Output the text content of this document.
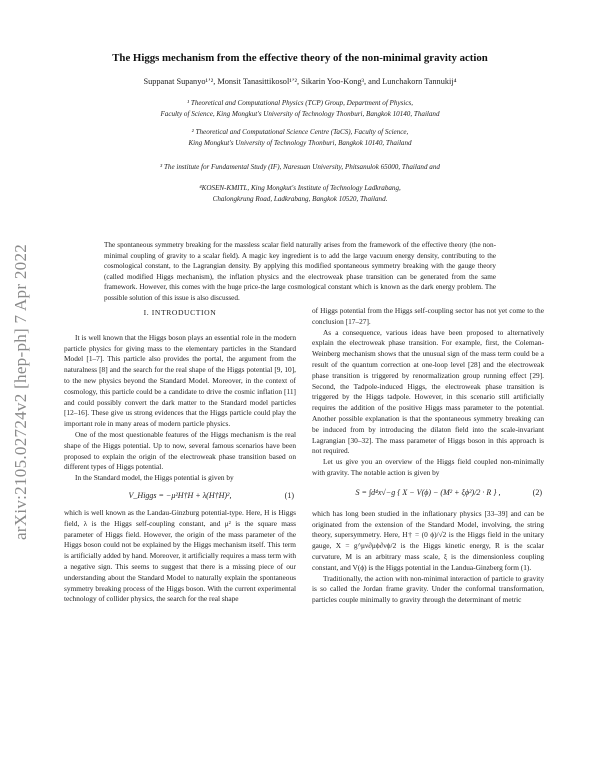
arXiv:2105.02724v2 [hep-ph] 7 Apr 2022
The Higgs mechanism from the effective theory of the non-minimal gravity action
Suppanat Supanyo¹ʼ², Monsit Tanasittikosol¹ʼ², Sikarin Yoo-Kong³, and Lunchakorn Tannukij⁴
¹ Theoretical and Computational Physics (TCP) Group, Department of Physics,
Faculty of Science, King Mongkut's University of Technology Thonburi, Bangkok 10140, Thailand
² Theoretical and Computational Science Centre (TaCS), Faculty of Science,
King Mongkut's University of Technology Thonburi, Bangkok 10140, Thailand
³ The institute for Fundamental Study (IF), Naresuan University, Phitsanulok 65000, Thailand and
⁴KOSEN-KMITL, King Mongkut's Institute of Technology Ladkrabang,
Chalongkrung Road, Ladkrabang, Bangkok 10520, Thailand.
The spontaneous symmetry breaking for the massless scalar field naturally arises from the framework of the effective theory (the non-minimal coupling of gravity to a scalar field). A magic key ingredient is to add the large vacuum energy density, contributing to the cosmological constant, to the Lagrangian density. By applying this modified spontaneous symmetry breaking with the gauge theory (called modified Higgs mechanism), the inflation physics and the electroweak phase transition can be generated from the same framework. However, this comes with the huge price-the large cosmological constant which is known as the dark energy problem. The possible solution of this issue is also discussed.
I. INTRODUCTION

It is well known that the Higgs boson plays an essential role in the modern particle physics for giving mass to the elementary particles in the Standard Model [1–7]. This particle also provides the portal, the argument from the naturalness [8] and the search for the real shape of the Higgs potential [9, 10], to the new physics beyond the Standard Model. Moreover, in the context of cosmology, this particle could be a candidate to drive the cosmic inflation [11] and could possibly convert the dark matter to the Standard model particles [12–16]. These give us strong evidences that the Higgs particle could play the important role in many areas of modern particle physics.

One of the most questionable features of the Higgs mechanism is the real shape of the Higgs potential. Up to now, several famous scenarios have been proposed to explain the origin of the electroweak phase transition based on different types of Higgs potential.

In the Standard model, the Higgs potential is given by

V_Higgs = −μ²H†H + λ(H†H)²,	(1)

which is well known as the Landau-Ginzburg potential-type. Here, H is Higgs field, λ is the Higgs self-coupling constant, and μ² is the square mass parameter of Higgs field. However, the origin of the mass parameter of the Higgs boson could not be explained by the Higgs mechanism itself. This term is artificially added by hand. Moreover, it artificially requires a mass term with a negative sign. This seems to suggest that there is a missing piece of our understanding about the Standard Model to naturally explain the spontaneous symmetry breaking process of the Higgs boson. With the current experimental technology of collider physics, the search for the real shape

of Higgs potential from the Higgs self-coupling sector has not yet come to the conclusion [17–27].

As a consequence, various ideas have been proposed to alternatively explain the electroweak phase transition. For example, first, the Coleman-Weinberg mechanism shows that the unusual sign of the mass term could be a result of the quantum correction at one-loop level [28] and the electroweak phase transition is triggered by renormalization group running effect [29]. Second, the Tadpole-induced Higgs, the electroweak phase transition is triggered by the Higgs tadpole. However, in this scenario still artificially requires the addition of the positive Higgs mass parameter to the potential. Another possible explanation is that the spontaneous symmetry breaking can be induced from by introducing the dilaton field into the scale-invariant Lagrangian [30–32]. The mass parameter of Higgs boson in this approach is not required.

Let us give you an overview of the Higgs field coupled non-minimally with gravity. The notable action is given by

S = ∫d⁴x√−g { X − V(ϕ) − (M² + ξϕ²)/2 · R } ,	(2)

which has long been studied in the inflationary physics [33–39] and can be originated from the extension of the Standard Model, involving, the string theory, supersymmetry. Here, H† = (0 ϕ)/√2 is the Higgs field in the unitary gauge, X = g^μν∂μϕ∂νϕ/2 is the Higgs kinetic energy, R is the scalar curvature, M is an arbitrary mass scale, ξ is the dimensionless coupling constant, and V(ϕ) is the Higgs potential in the Landua-Ginzberg form (1).

Traditionally, the action with non-minimal interaction of particle to gravity is so called the Jordan frame gravity. Under the conformal transformation, particles couple minimally to gravity through the determinant of metric
